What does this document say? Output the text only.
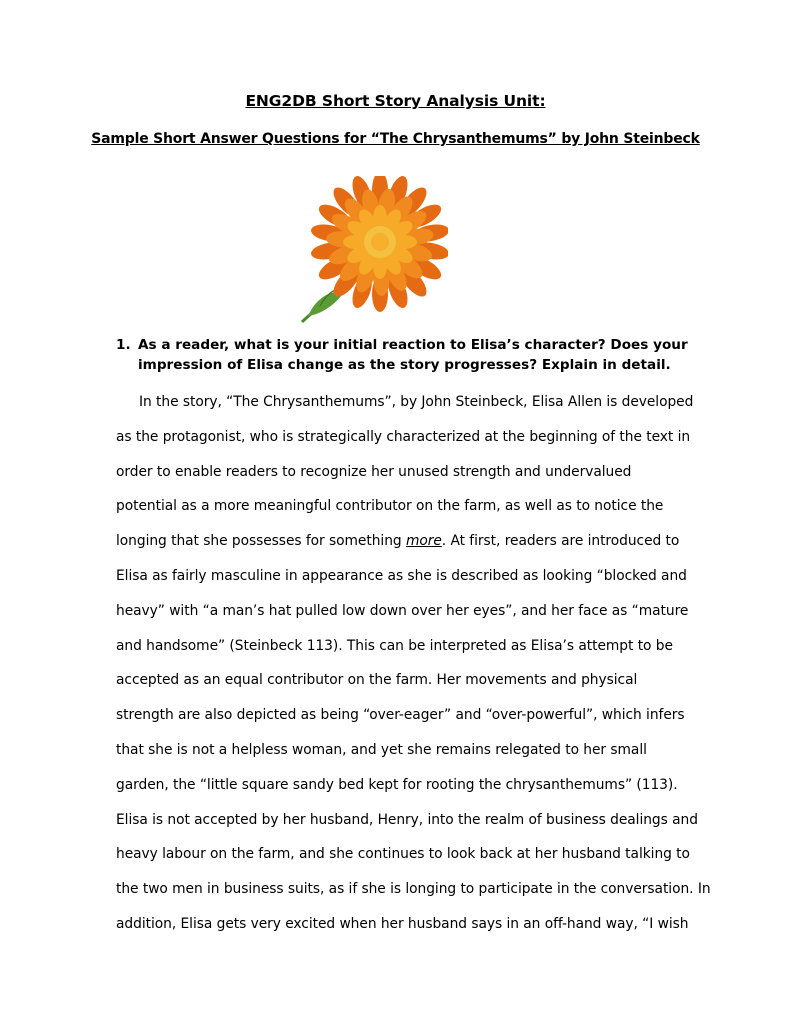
ENG2DB Short Story Analysis Unit:
Sample Short Answer Questions for “The Chrysanthemums” by John Steinbeck
1. As a reader, what is your initial reaction to Elisa’s character? Does your
impression of Elisa change as the story progresses? Explain in detail.
In the story, “The Chrysanthemums”, by John Steinbeck, Elisa Allen is developed
as the protagonist, who is strategically characterized at the beginning of the text in
order to enable readers to recognize her unused strength and undervalued
potential as a more meaningful contributor on the farm, as well as to notice the
longing that she possesses for something more. At first, readers are introduced to
Elisa as fairly masculine in appearance as she is described as looking “blocked and
heavy” with “a man’s hat pulled low down over her eyes”, and her face as “mature
and handsome” (Steinbeck 113). This can be interpreted as Elisa’s attempt to be
accepted as an equal contributor on the farm. Her movements and physical
strength are also depicted as being “over-eager” and “over-powerful”, which infers
that she is not a helpless woman, and yet she remains relegated to her small
garden, the “little square sandy bed kept for rooting the chrysanthemums” (113).
Elisa is not accepted by her husband, Henry, into the realm of business dealings and
heavy labour on the farm, and she continues to look back at her husband talking to
the two men in business suits, as if she is longing to participate in the conversation. In
addition, Elisa gets very excited when her husband says in an off-hand way, “I wish
